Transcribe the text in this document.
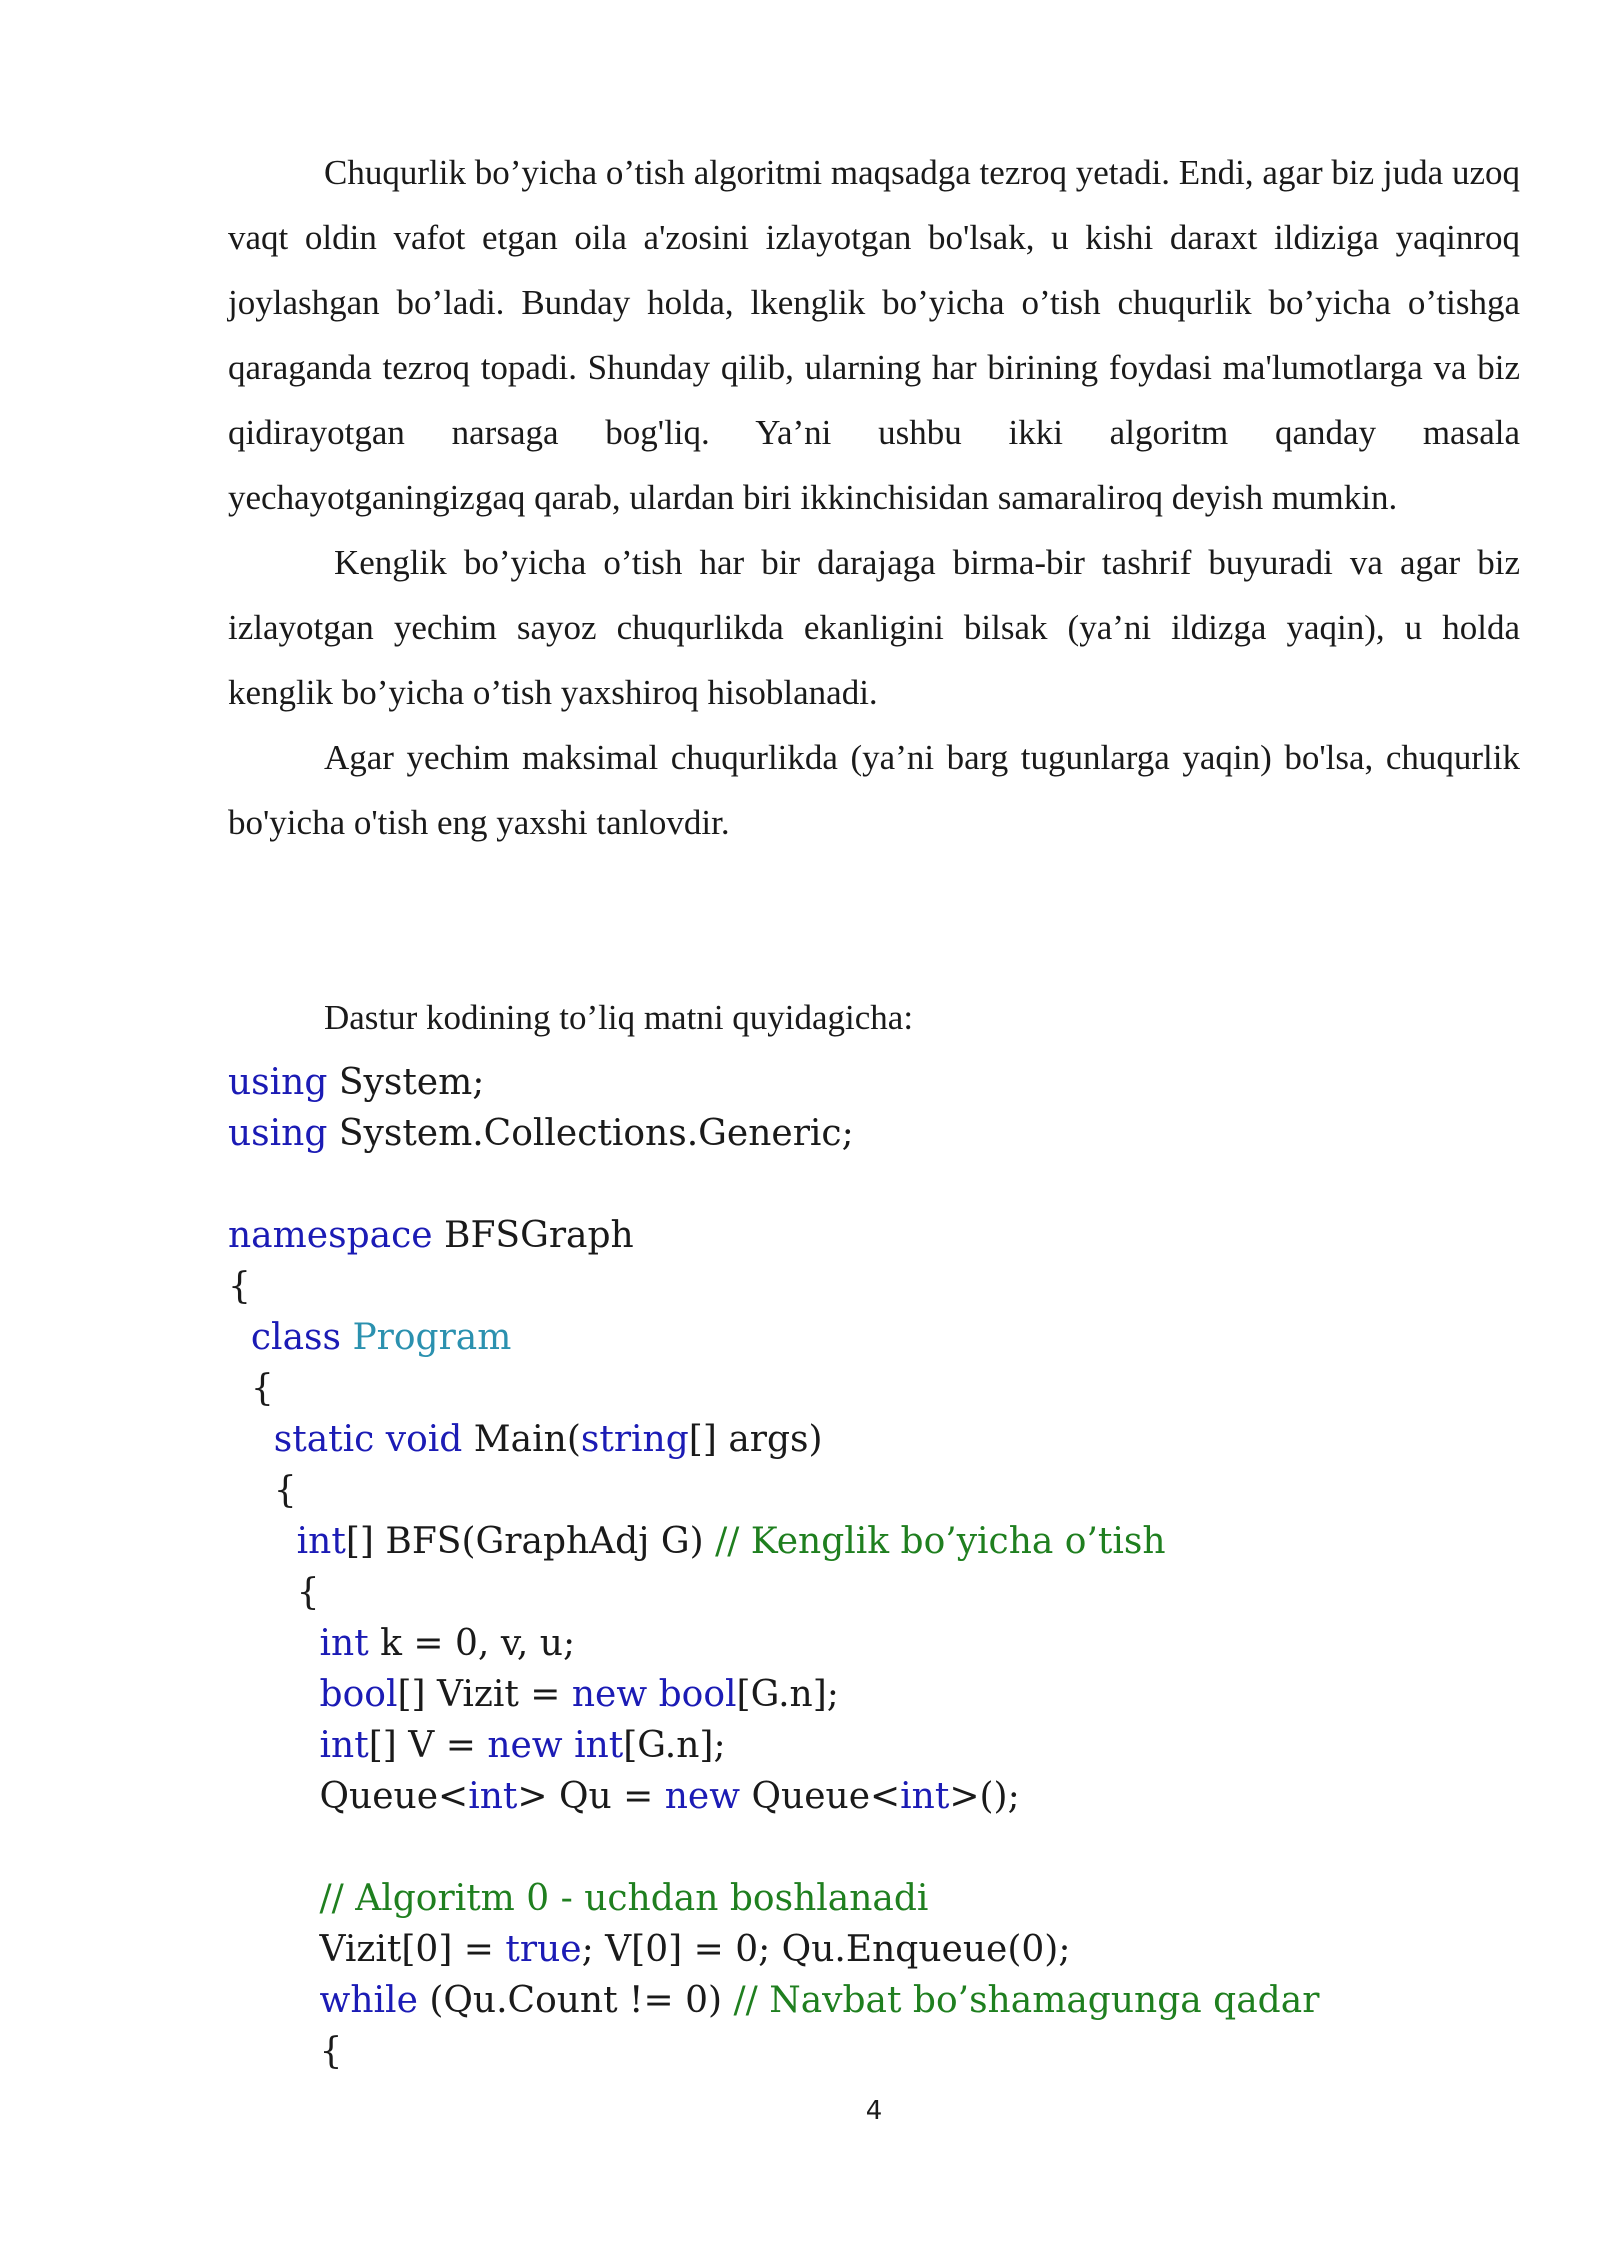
Chuqurlik bo’yicha o’tish algoritmi maqsadga tezroq yetadi. Endi, agar biz juda uzoq vaqt oldin vafot etgan oila a'zosini izlayotgan bo'lsak, u kishi daraxt ildiziga yaqinroq joylashgan bo’ladi. Bunday holda, lkenglik bo’yicha o’tish chuqurlik bo’yicha o’tishga qaraganda tezroq topadi. Shunday qilib, ularning har birining foydasi ma'lumotlarga va biz qidirayotgan narsaga bog'liq. Ya’ni ushbu ikki algoritm qanday masala yechayotganingizgaq qarab, ulardan biri ikkinchisidan samaraliroq deyish mumkin.

Kenglik bo’yicha o’tish har bir darajaga birma-bir tashrif buyuradi va agar biz izlayotgan yechim sayoz chuqurlikda ekanligini bilsak (ya’ni ildizga yaqin), u holda kenglik bo’yicha o’tish yaxshiroq hisoblanadi.

Agar yechim maksimal chuqurlikda (ya’ni barg tugunlarga yaqin) bo'lsa, chuqurlik bo'yicha o'tish eng yaxshi tanlovdir.

Dastur kodining to’liq matni quyidagicha:

using System;
using System.Collections.Generic;
namespace BFSGraph
{
class Program
{
static void Main(string[] args)
{
int[] BFS(GraphAdj G) // Kenglik bo’yicha o’tish
{
int k = 0, v, u;
bool[] Vizit = new bool[G.n];
int[] V = new int[G.n];
Queue<int> Qu = new Queue<int>();
// Algoritm 0 - uchdan boshlanadi
Vizit[0] = true; V[0] = 0; Qu.Enqueue(0);
while (Qu.Count != 0) // Navbat bo’shamagunga qadar
{
4
